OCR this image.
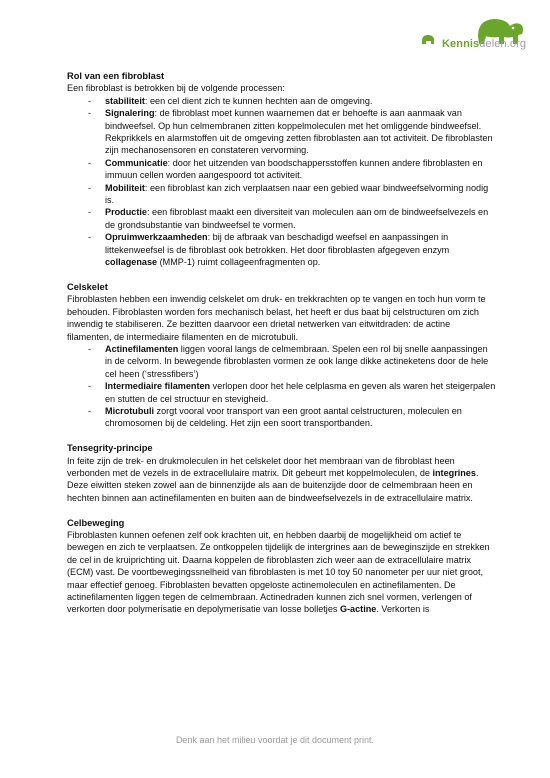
Kennisdelen.org
Rol van een fibroblast

Een fibroblast is betrokken bij de volgende processen:

- stabiliteit: een cel dient zich te kunnen hechten aan de omgeving.
- Signalering: de fibroblast moet kunnen waarnemen dat er behoefte is aan aanmaak van bindweefsel. Op hun celmembranen zitten koppelmoleculen met het omliggende bindweefsel. Rekprikkels en alarmstoffen uit de omgeving zetten fibroblasten aan tot activiteit. De fibroblasten zijn mechanosensoren en constateren vervorming.
- Communicatie: door het uitzenden van boodschappersstoffen kunnen andere fibroblasten en immuun cellen worden aangespoord tot activiteit.
- Mobiliteit: een fibroblast kan zich verplaatsen naar een gebied waar bindweefselvorming nodig is.
- Productie: een fibroblast maakt een diversiteit van moleculen aan om de bindweefselvezels en de grondsubstantie van bindweefsel te vormen.
- Opruimwerkzaamheden: bij de afbraak van beschadigd weefsel en aanpassingen in littekenweefsel is de fibroblast ook betrokken. Het door fibroblasten afgegeven enzym collagenase (MMP-1) ruimt collageenfragmenten op.
Celskelet

Fibroblasten hebben een inwendig celskelet om druk- en trekkrachten op te vangen en toch hun vorm te behouden. Fibroblasten worden fors mechanisch belast, het heeft er dus baat bij celstructuren om zich inwendig te stabiliseren. Ze bezitten daarvoor een drietal netwerken van eitwitdraden: de actine filamenten, de intermediaire filamenten en de microtubuli.

- Actinefilamenten liggen vooral langs de celmembraan. Spelen een rol bij snelle aanpassingen in de celvorm. In bewegende fibroblasten vormen ze ook lange dikke actineketens door de hele cel heen (‘stressfibers’)
- Intermediaire filamenten verlopen door het hele celplasma en geven als waren het steigerpalen en stutten de cel structuur en stevigheid.
- Microtubuli zorgt vooral voor transport van een groot aantal celstructuren, moleculen en chromosomen bij de celdeling. Het zijn een soort transportbanden.
Tensegrity-principe

In feite zijn de trek- en drukmoleculen in het celskelet door het membraan van de fibroblast heen verbonden met de vezels in de extracellulaire matrix. Dit gebeurt met koppelmoleculen, de integrines. Deze eiwitten steken zowel aan de binnenzijde als aan de buitenzijde door de celmembraan heen en hechten binnen aan actinefilamenten en buiten aan de bindweefselvezels in de extracellulaire matrix.

Celbeweging

Fibroblasten kunnen oefenen zelf ook krachten uit, en hebben daarbij de mogelijkheid om actief te bewegen en zich te verplaatsen. Ze ontkoppelen tijdelijk de intergrines aan de beweginszijde en strekken de cel in de kruiprichting uit. Daarna koppelen de fibroblasten zich weer aan de extracellulaire matrix (ECM) vast. De voortbewegingssnelheid van fibroblasten is met 10 toy 50 nanometer per uur niet groot, maar effectief genoeg. Fibroblasten bevatten opgeloste actinemoleculen en actinefilamenten. De actinefilamenten liggen tegen de celmembraan. Actinedraden kunnen zich snel vormen, verlengen of verkorten door polymerisatie en depolymerisatie van losse bolletjes G-actine. Verkorten is

Denk aan het milieu voordat je dit document print.
